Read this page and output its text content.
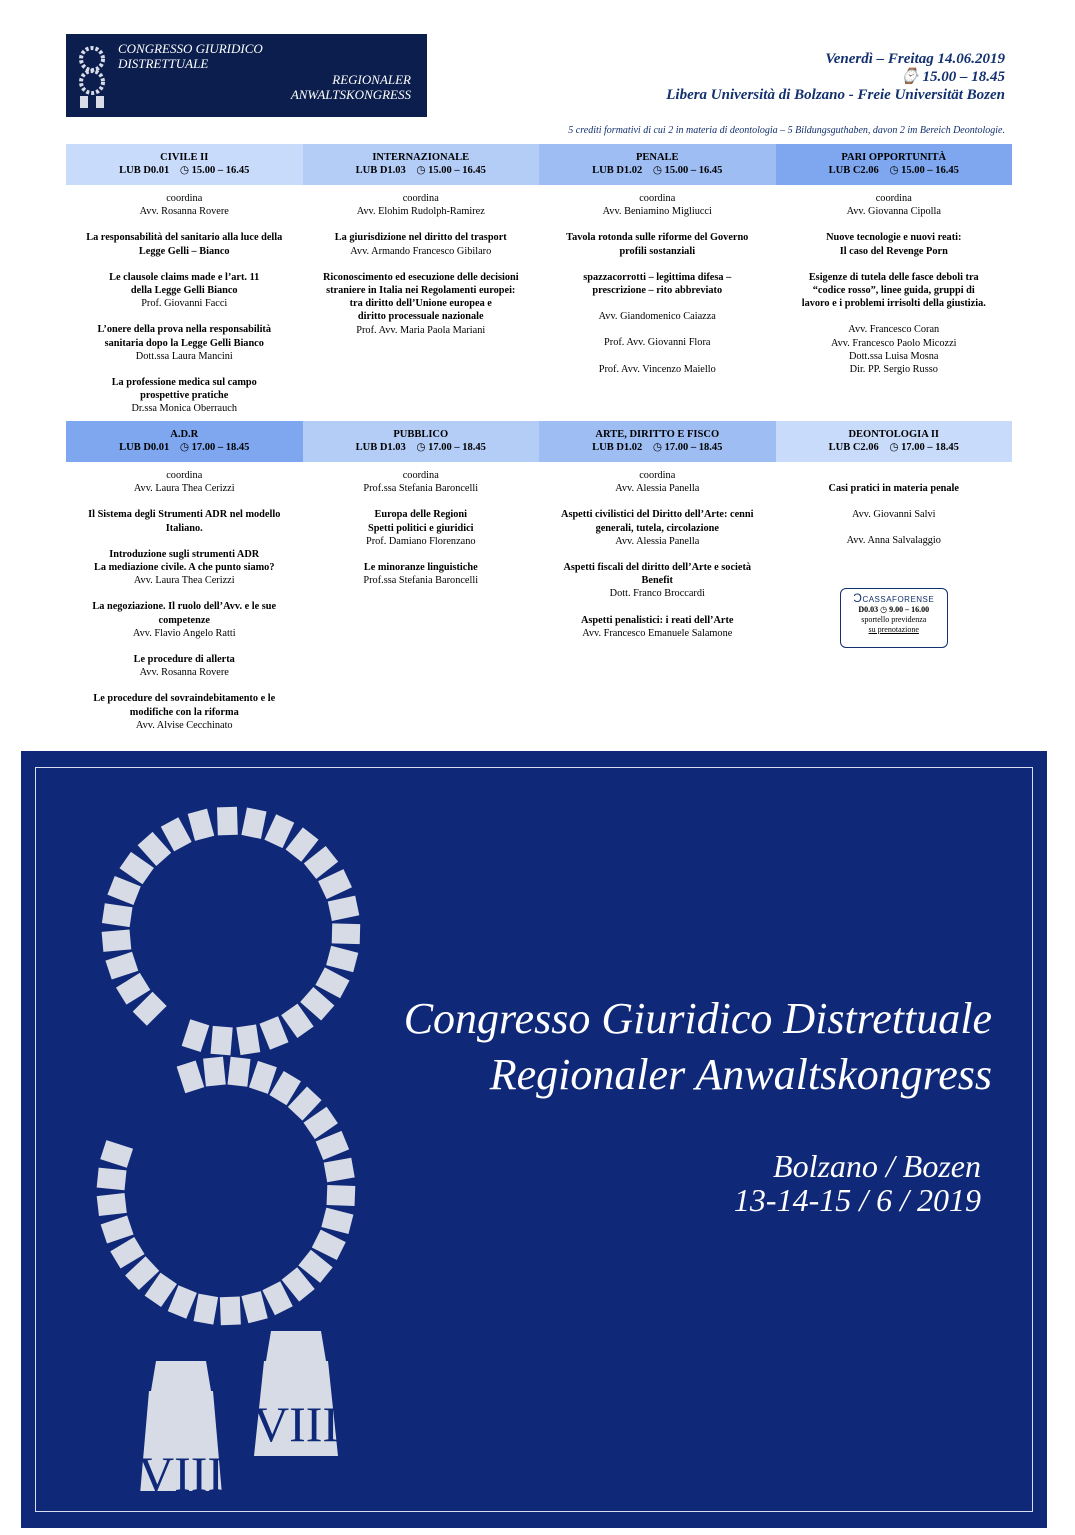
CONGRESSO GIURIDICO
DISTRETTUALE
REGIONALER
ANWALTSKONGRESS
Venerdì – Freitag 14.06.2019
⌚ 15.00 – 18.45
Libera Università di Bolzano - Freie Universität Bozen
5 crediti formativi di cui 2 in materia di deontologia – 5 Bildungsguthaben, davon 2 im Bereich Deontologie.
CIVILE II
LUB D0.01 ◷ 15.00 – 16.45
INTERNAZIONALE
LUB D1.03 ◷ 15.00 – 16.45
PENALE
LUB D1.02 ◷ 15.00 – 16.45
PARI OPPORTUNITÀ
LUB C2.06 ◷ 15.00 – 16.45
coordina
Avv. Rosanna Rovere
La responsabilità del sanitario alla luce della
Legge Gelli – Bianco
Le clausole claims made e l’art. 11
della Legge Gelli Bianco
Prof. Giovanni Facci
L’onere della prova nella responsabilità
sanitaria dopo la Legge Gelli Bianco
Dott.ssa Laura Mancini
La professione medica sul campo
prospettive pratiche
Dr.ssa Monica Oberrauch
coordina
Avv. Elohim Rudolph-Ramirez
La giurisdizione nel diritto del trasport
Avv. Armando Francesco Gibilaro
Riconoscimento ed esecuzione delle decisioni
straniere in Italia nei Regolamenti europei:
tra diritto dell’Unione europea e
diritto processuale nazionale
Prof. Avv. Maria Paola Mariani
coordina
Avv. Beniamino Migliucci
Tavola rotonda sulle riforme del Governo
profili sostanziali
spazzacorrotti – legittima difesa –
prescrizione – rito abbreviato
Avv. Giandomenico Caiazza
Prof. Avv. Giovanni Flora
Prof. Avv. Vincenzo Maiello
coordina
Avv. Giovanna Cipolla
Nuove tecnologie e nuovi reati:
Il caso del Revenge Porn
Esigenze di tutela delle fasce deboli tra
“codice rosso”, linee guida, gruppi di
lavoro e i problemi irrisolti della giustizia.
Avv. Francesco Coran
Avv. Francesco Paolo Micozzi
Dott.ssa Luisa Mosna
Dir. PP. Sergio Russo
A.D.R
LUB D0.01 ◷ 17.00 – 18.45
PUBBLICO
LUB D1.03 ◷ 17.00 – 18.45
ARTE, DIRITTO E FISCO
LUB D1.02 ◷ 17.00 – 18.45
DEONTOLOGIA II
LUB C2.06 ◷ 17.00 – 18.45
coordina
Avv. Laura Thea Cerizzi
Il Sistema degli Strumenti ADR nel modello
Italiano.
Introduzione sugli strumenti ADR
La mediazione civile. A che punto siamo?
Avv. Laura Thea Cerizzi
La negoziazione. Il ruolo dell’Avv. e le sue
competenze
Avv. Flavio Angelo Ratti
Le procedure di allerta
Avv. Rosanna Rovere
Le procedure del sovraindebitamento e le
modifiche con la riforma
Avv. Alvise Cecchinato
coordina
Prof.ssa Stefania Baroncelli
Europa delle Regioni
Spetti politici e giuridici
Prof. Damiano Florenzano
Le minoranze linguistiche
Prof.ssa Stefania Baroncelli
coordina
Avv. Alessia Panella
Aspetti civilistici del Diritto dell’Arte: cenni
generali, tutela, circolazione
Avv. Alessia Panella
Aspetti fiscali del diritto dell’Arte e società
Benefit
Dott. Franco Broccardi
Aspetti penalistici: i reati dell’Arte
Avv. Francesco Emanuele Salamone
Casi pratici in materia penale
Avv. Giovanni Salvi
Avv. Anna Salvalaggio
ƆCASSAFORENSE
D0.03 ◷ 9.00 – 16.00
sportello previdenza
su prenotazione
VIII
VIII
Congresso Giuridico Distrettuale
Regionaler Anwaltskongress
Bolzano / Bozen
13-14-15 / 6 / 2019
